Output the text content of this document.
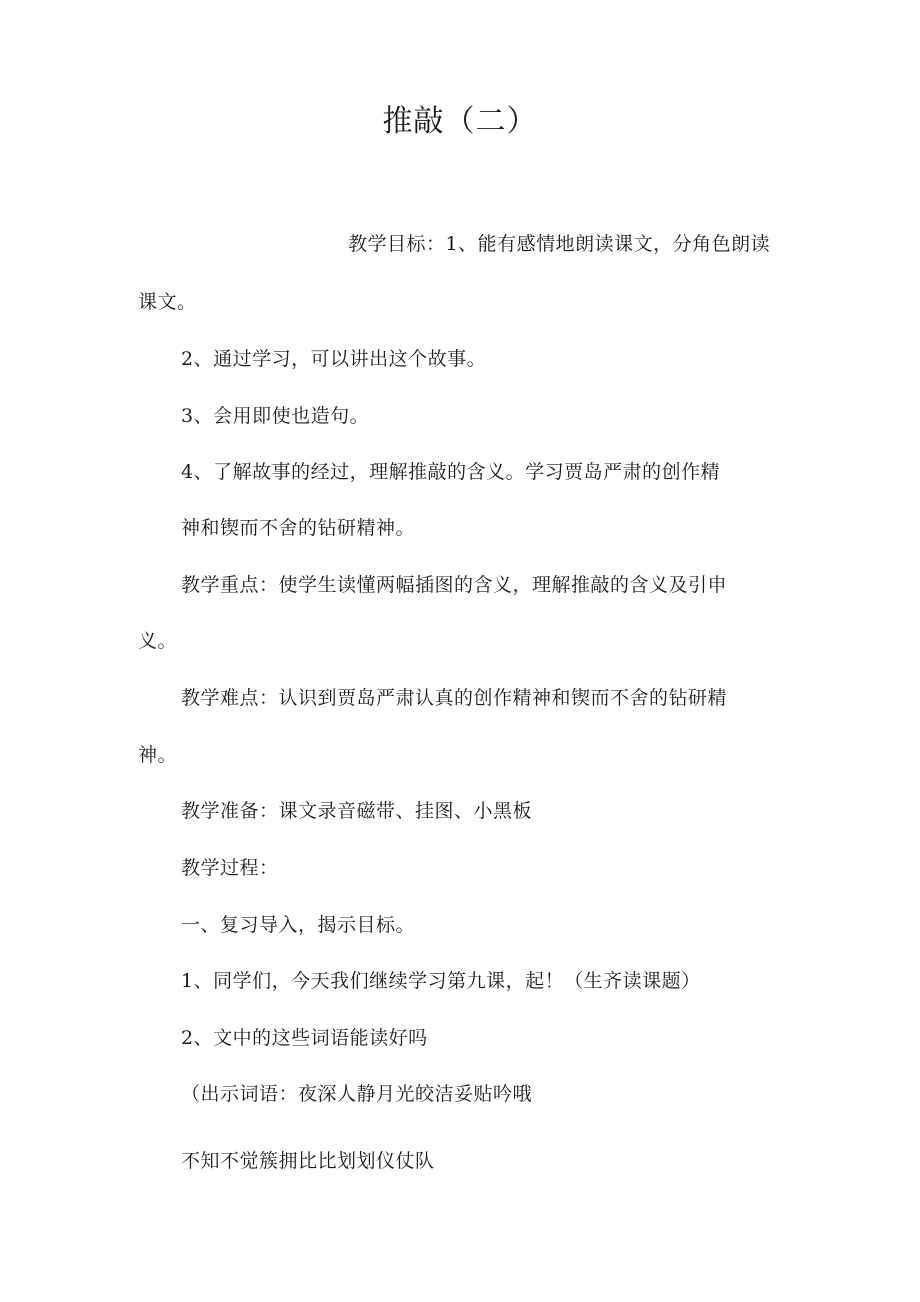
推敲（二）
教学目标：1、能有感情地朗读课文，分角色朗读
课文。
2、通过学习，可以讲出这个故事。
3、会用即使也造句。
4、了解故事的经过，理解推敲的含义。学习贾岛严肃的创作精
神和锲而不舍的钻研精神。
教学重点：使学生读懂两幅插图的含义，理解推敲的含义及引申
义。
教学难点：认识到贾岛严肃认真的创作精神和锲而不舍的钻研精
神。
教学准备：课文录音磁带、挂图、小黑板
教学过程：
一、复习导入，揭示目标。
1、同学们，今天我们继续学习第九课，起！（生齐读课题）
2、文中的这些词语能读好吗
（出示词语：夜深人静月光皎洁妥贴吟哦
不知不觉簇拥比比划划仪仗队
